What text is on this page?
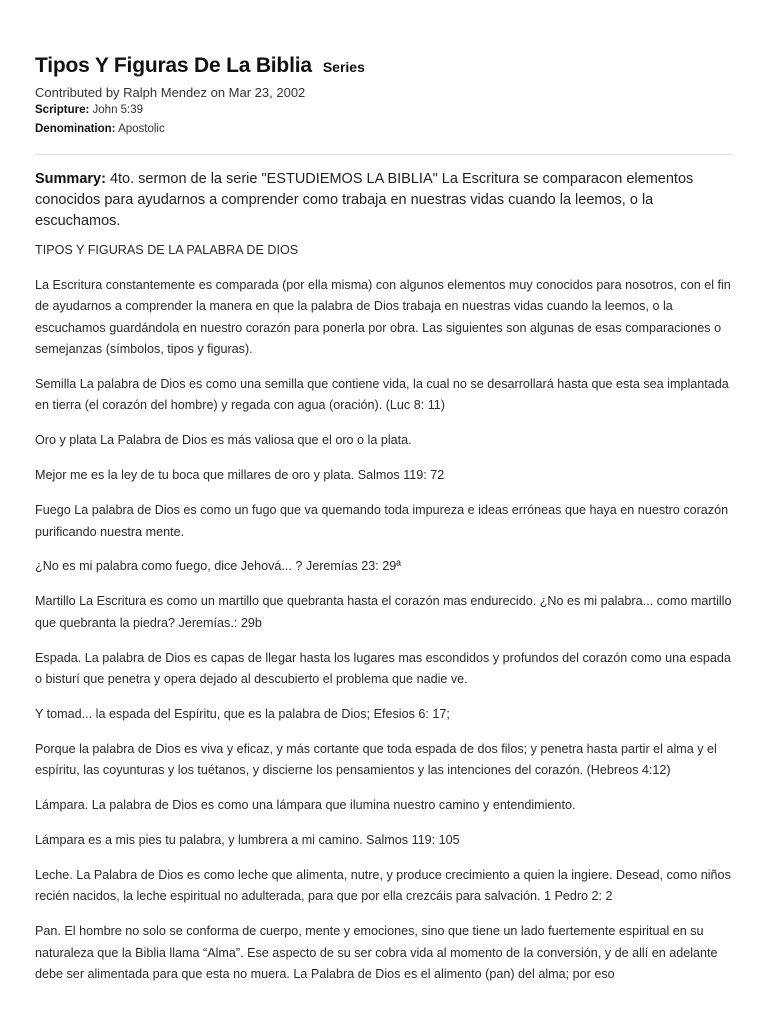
Tipos Y Figuras De La Biblia Series
Contributed by Ralph Mendez on Mar 23, 2002
Scripture: John 5:39
Denomination: Apostolic

Summary: 4to. sermon de la serie "ESTUDIEMOS LA BIBLIA" La Escritura se comparacon elementos conocidos para ayudarnos a comprender como trabaja en nuestras vidas cuando la leemos, o la escuchamos.

TIPOS Y FIGURAS DE LA PALABRA DE DIOS

La Escritura constantemente es comparada (por ella misma) con algunos elementos muy conocidos para nosotros, con el fin de ayudarnos a comprender la manera en que la palabra de Dios trabaja en nuestras vidas cuando la leemos, o la escuchamos guardándola en nuestro corazón para ponerla por obra. Las siguientes son algunas de esas comparaciones o semejanzas (símbolos, tipos y figuras).

Semilla La palabra de Dios es como una semilla que contiene vida, la cual no se desarrollará hasta que esta sea implantada en tierra (el corazón del hombre) y regada con agua (oración). (Luc 8: 11)

Oro y plata La Palabra de Dios es más valiosa que el oro o la plata.

Mejor me es la ley de tu boca que millares de oro y plata. Salmos 119: 72

Fuego La palabra de Dios es como un fugo que va quemando toda impureza e ideas erróneas que haya en nuestro corazón purificando nuestra mente.

¿No es mi palabra como fuego, dice Jehová... ? Jeremías 23: 29ª

Martillo La Escritura es como un martillo que quebranta hasta el corazón mas endurecido. ¿No es mi palabra... como martillo que quebranta la piedra? Jeremías.: 29b

Espada. La palabra de Dios es capas de llegar hasta los lugares mas escondidos y profundos del corazón como una espada o bisturí que penetra y opera dejado al descubierto el problema que nadie ve.

Y tomad... la espada del Espíritu, que es la palabra de Dios; Efesios 6: 17;

Porque la palabra de Dios es viva y eficaz, y más cortante que toda espada de dos filos; y penetra hasta partir el alma y el espíritu, las coyunturas y los tuétanos, y discierne los pensamientos y las intenciones del corazón. (Hebreos 4:12)

Lámpara. La palabra de Dios es como una lámpara que ilumina nuestro camino y entendimiento.

Lámpara es a mis pies tu palabra, y lumbrera a mi camino. Salmos 119: 105

Leche. La Palabra de Dios es como leche que alimenta, nutre, y produce crecimiento a quien la ingiere. Desead, como niños recién nacidos, la leche espiritual no adulterada, para que por ella crezcáis para salvación. 1 Pedro 2: 2

Pan. El hombre no solo se conforma de cuerpo, mente y emociones, sino que tiene un lado fuertemente espiritual en su naturaleza que la Biblia llama “Alma”. Ese aspecto de su ser cobra vida al momento de la conversión, y de allí en adelante debe ser alimentada para que esta no muera. La Palabra de Dios es el alimento (pan) del alma; por eso
